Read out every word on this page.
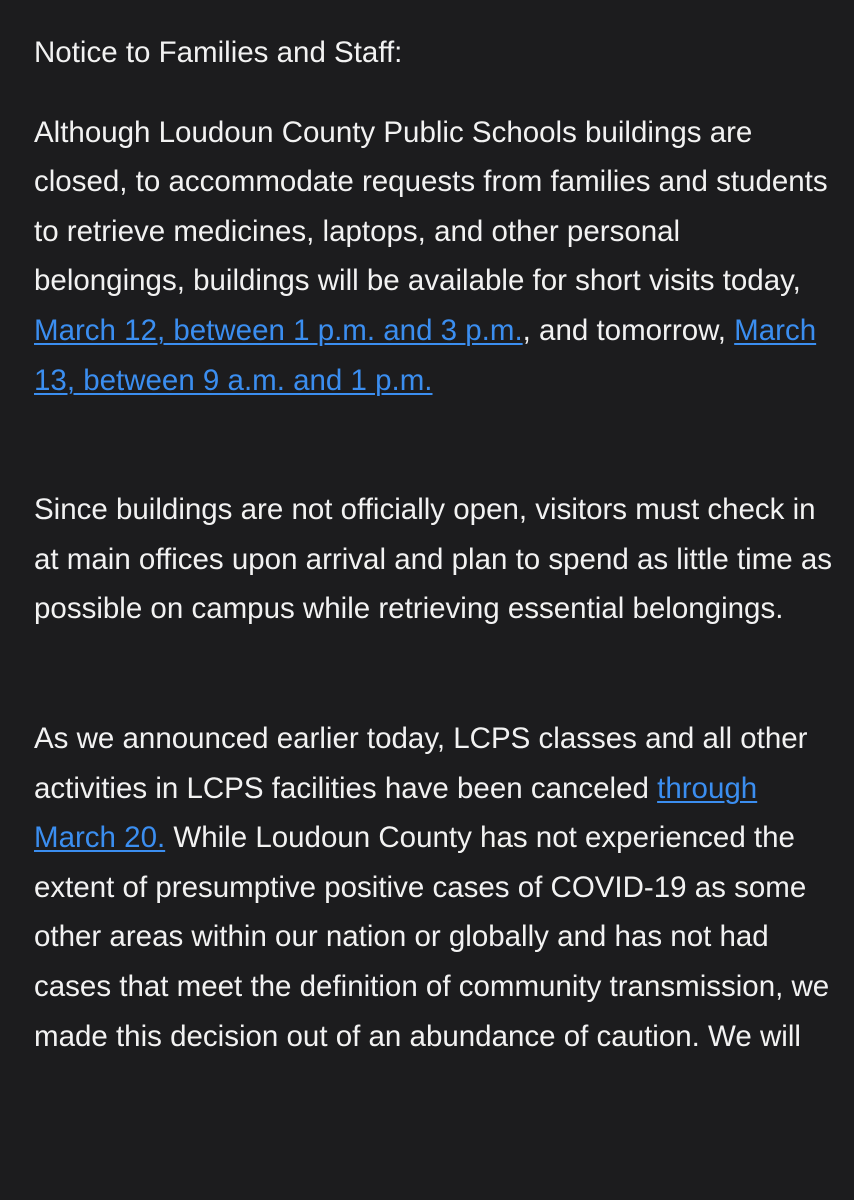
Notice to Families and Staff:

Although Loudoun County Public Schools buildings are closed, to accommodate requests from families and students to retrieve medicines, laptops, and other personal belongings, buildings will be available for short visits today, March 12, between 1 p.m. and 3 p.m., and tomorrow, March 13, between 9 a.m. and 1 p.m.

Since buildings are not officially open, visitors must check in at main offices upon arrival and plan to spend as little time as possible on campus while retrieving essential belongings.

As we announced earlier today, LCPS classes and all other activities in LCPS facilities have been canceled through March 20. While Loudoun County has not experienced the extent of presumptive positive cases of COVID-19 as some other areas within our nation or globally and has not had cases that meet the definition of community transmission, we made this decision out of an abundance of caution. We will
